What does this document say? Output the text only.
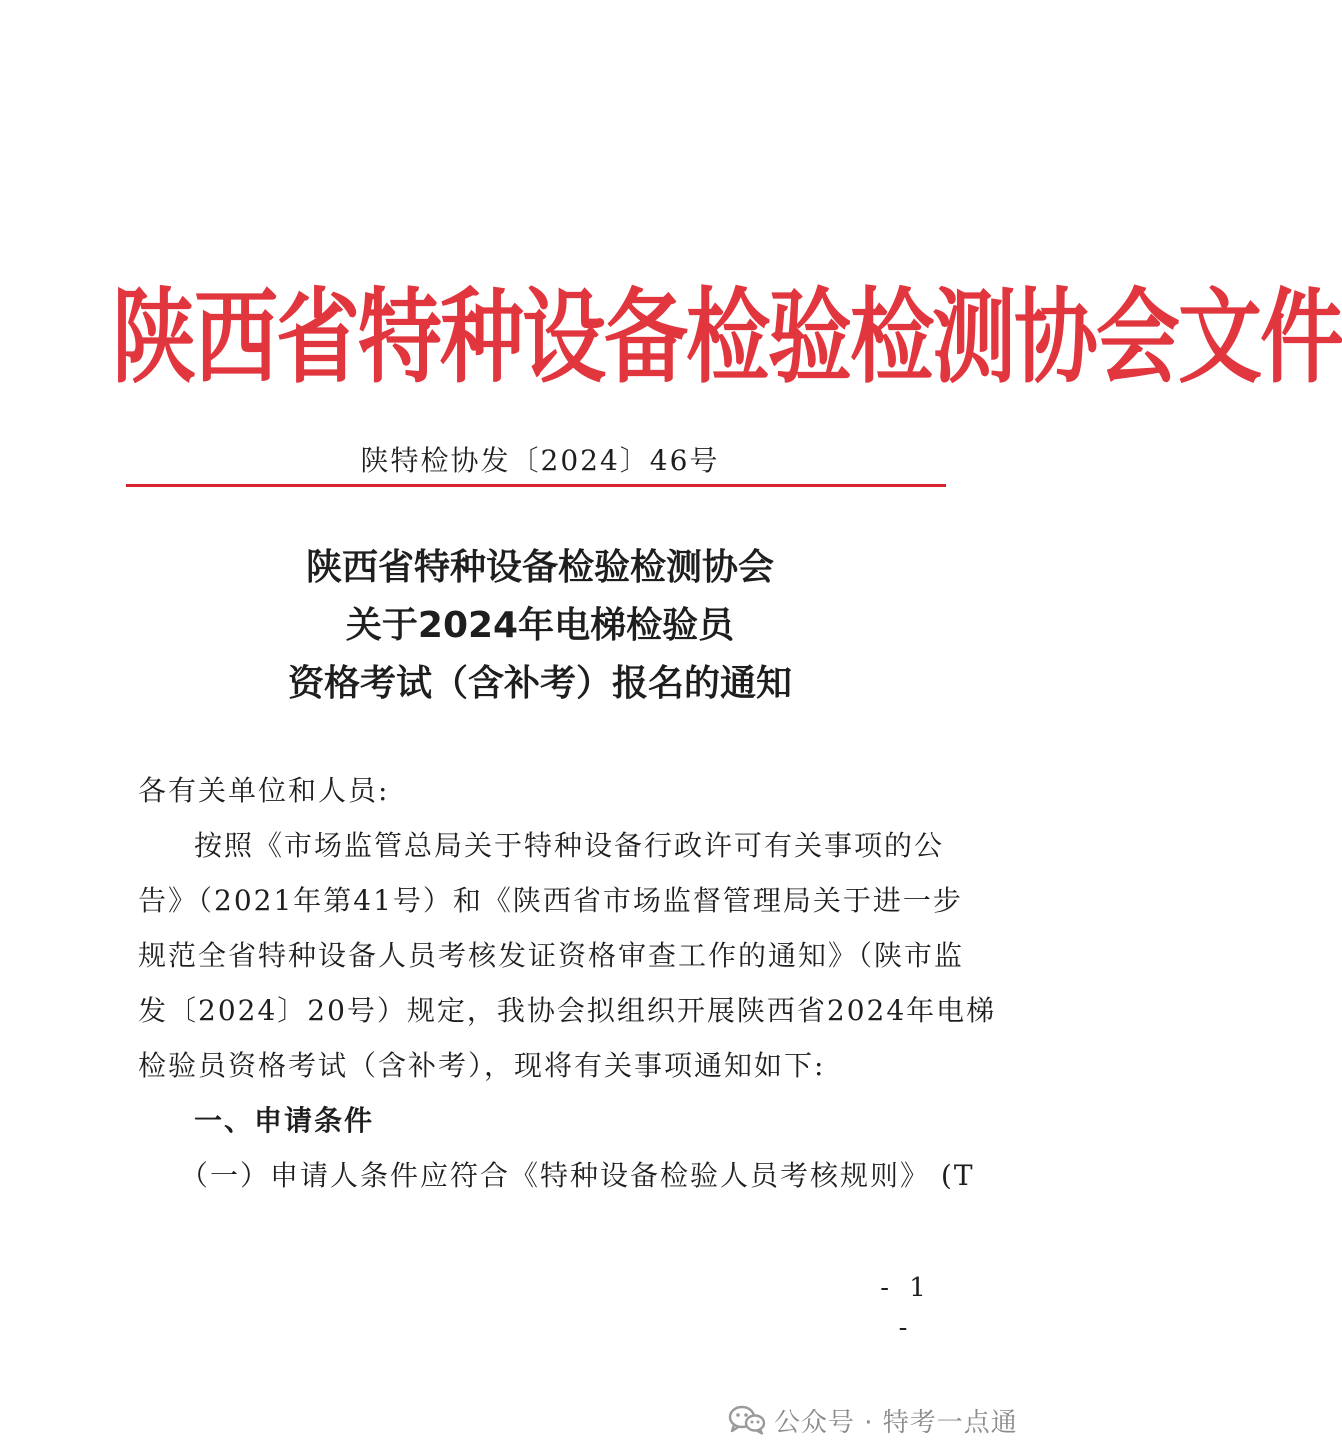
陕西省特种设备检验检测协会文件
陕特检协发〔2024〕46号
陕西省特种设备检验检测协会
关于2024年电梯检验员
资格考试（含补考）报名的通知
各有关单位和人员:
按照《市场监管总局关于特种设备行政许可有关事项的公
告》（2021年第41号）和《陕西省市场监督管理局关于进一步
规范全省特种设备人员考核发证资格审查工作的通知》（陕市监
发〔2024〕20号）规定，我协会拟组织开展陕西省2024年电梯
检验员资格考试（含补考），现将有关事项通知如下:
一、申请条件
（一）申请人条件应符合《特种设备检验人员考核规则》 (T
- 1 -
公众号 · 特考一点通
